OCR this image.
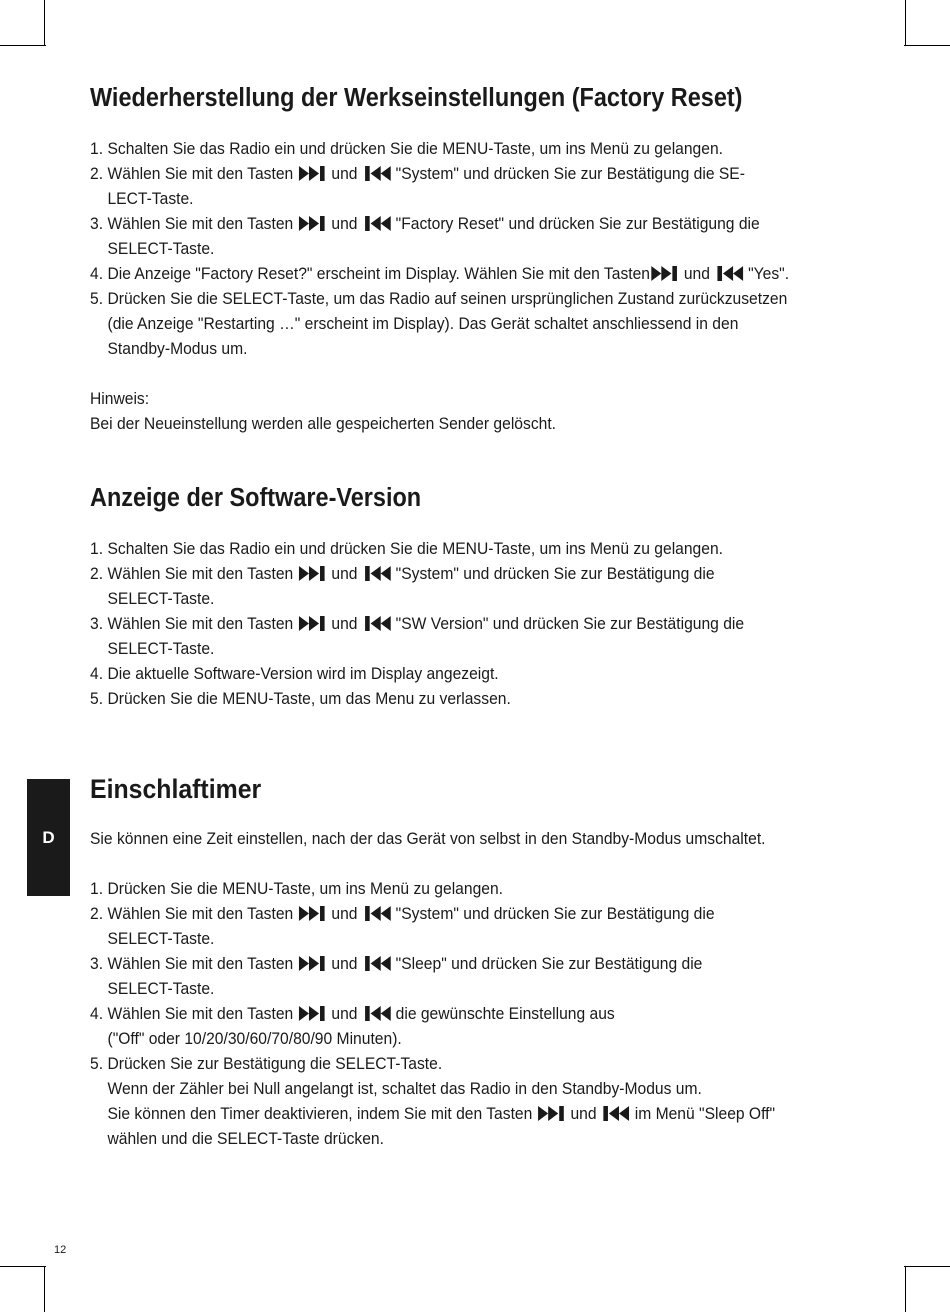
D
12
Wiederherstellung der Werkseinstellungen (Factory Reset)
1. Schalten Sie das Radio ein und drücken Sie die MENU-Taste, um ins Menü zu gelangen.
2. Wählen Sie mit den Tasten und "System" und drücken Sie zur Bestätigung die SE-
LECT-Taste.
3. Wählen Sie mit den Tasten und "Factory Reset" und drücken Sie zur Bestätigung die
SELECT-Taste.
4. Die Anzeige "Factory Reset?" erscheint im Display. Wählen Sie mit den Tasten und "Yes".
5. Drücken Sie die SELECT-Taste, um das Radio auf seinen ursprünglichen Zustand zurückzusetzen
(die Anzeige "Restarting …" erscheint im Display). Das Gerät schaltet anschliessend in den
Standby-Modus um.

Hinweis:

Bei der Neueinstellung werden alle gespeicherten Sender gelöscht.

Anzeige der Software-Version
1. Schalten Sie das Radio ein und drücken Sie die MENU-Taste, um ins Menü zu gelangen.
2. Wählen Sie mit den Tasten und "System" und drücken Sie zur Bestätigung die
SELECT-Taste.
3. Wählen Sie mit den Tasten und "SW Version" und drücken Sie zur Bestätigung die
SELECT-Taste.
4. Die aktuelle Software-Version wird im Display angezeigt.
5. Drücken Sie die MENU-Taste, um das Menu zu verlassen.
Einschlaftimer

Sie können eine Zeit einstellen, nach der das Gerät von selbst in den Standby-Modus umschaltet.

1. Drücken Sie die MENU-Taste, um ins Menü zu gelangen.
2. Wählen Sie mit den Tasten und "System" und drücken Sie zur Bestätigung die
SELECT-Taste.
3. Wählen Sie mit den Tasten und "Sleep" und drücken Sie zur Bestätigung die
SELECT-Taste.
4. Wählen Sie mit den Tasten und
die gewünschte Einstellung aus
("Off" oder 10/20/30/60/70/80/90 Minuten).
5. Drücken Sie zur Bestätigung die SELECT-Taste.
Wenn der Zähler bei Null angelangt ist, schaltet das Radio in den Standby-Modus um.
Sie können den Timer deaktivieren, indem Sie mit den Tasten und
im Menü "Sleep Off"
wählen und die SELECT-Taste drücken.
